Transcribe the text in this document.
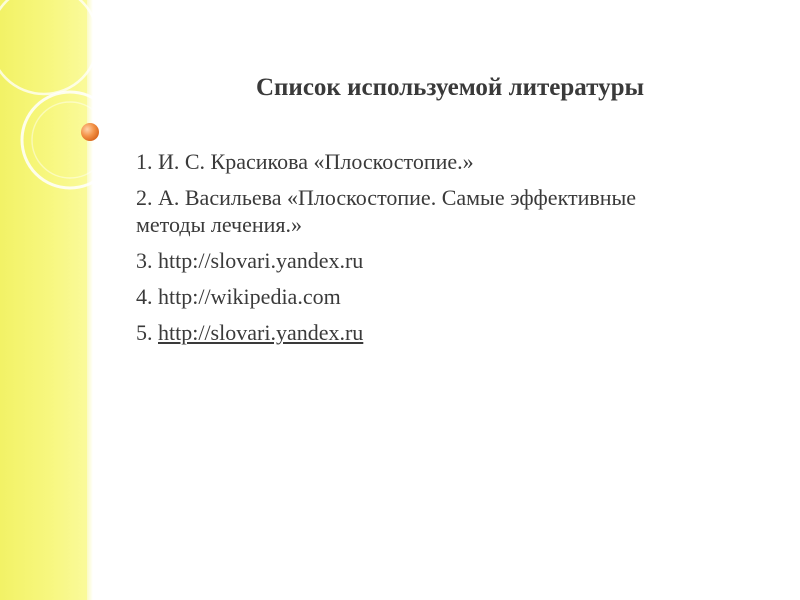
Список используемой литературы
1. И. С. Красикова «Плоскостопие.»
2. А. Васильева «Плоскостопие. Самые эффективные методы лечения.»
3. http://slovari.yandex.ru
4. http://wikipedia.com
5. http://slovari.yandex.ru
